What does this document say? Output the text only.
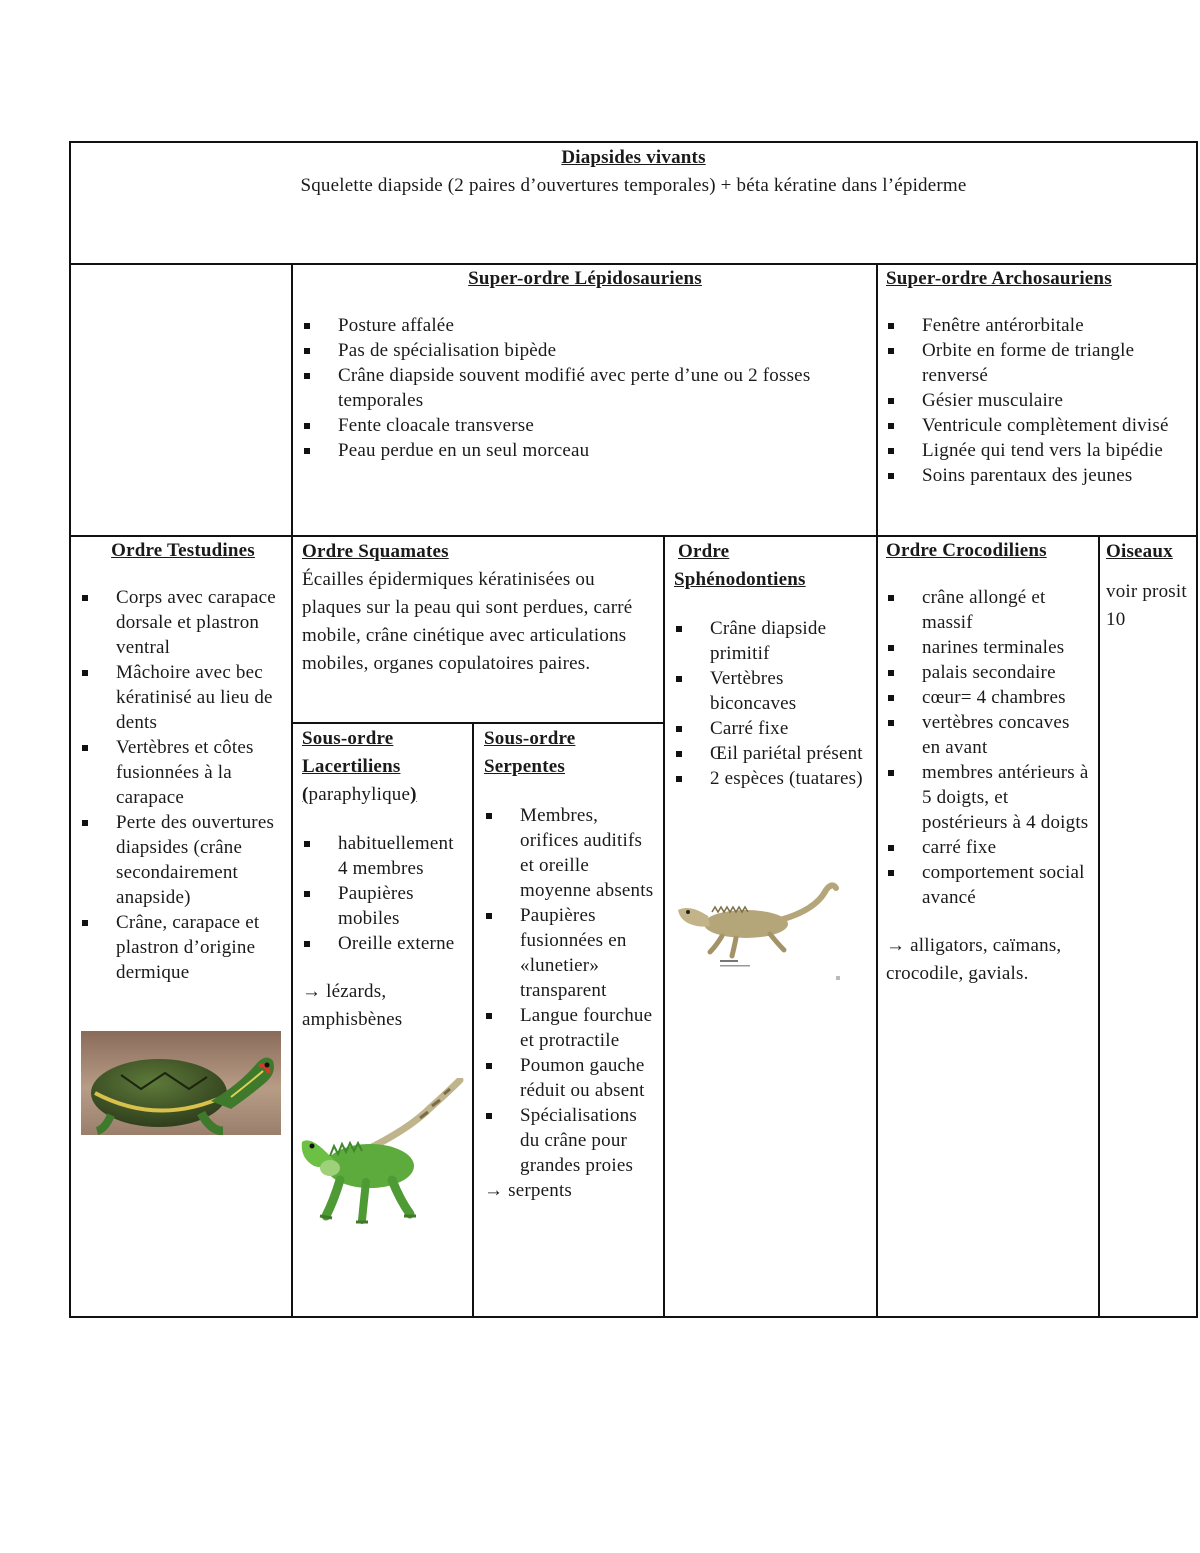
Diapsides vivants
Squelette diapside (2 paires d’ouvertures temporales) + béta kératine dans l’épiderme
Super-ordre Lépidosauriens
Posture affalée
Pas de spécialisation bipède
Crâne diapside souvent modifié avec perte d’une ou 2 fosses temporales
Fente cloacale transverse
Peau perdue en un seul morceau
Super-ordre Archosauriens
Fenêtre antérorbitale
Orbite en forme de triangle renversé
Gésier musculaire
Ventricule complètement divisé
Lignée qui tend vers la bipédie
Soins parentaux des jeunes
Ordre Testudines
Corps avec carapace dorsale et plastron ventral
Mâchoire avec bec kératinisé au lieu de dents
Vertèbres et côtes fusionnées à la carapace
Perte des ouvertures diapsides (crâne secondairement anapside)
Crâne, carapace et plastron d’origine dermique
Ordre Squamates
Écailles épidermiques kératinisées ou plaques sur la peau qui sont perdues, carré mobile, crâne cinétique avec articulations mobiles, organes copulatoires paires.
Sous-ordre
Lacertiliens
(paraphylique)
habituellement 4 membres
Paupières mobiles
Oreille externe
→ lézards, amphisbènes
Sous-ordre
Serpentes
Membres, orifices auditifs et oreille moyenne absents
Paupières fusionnées en «lunetier» transparent
Langue fourchue et protractile
Poumon gauche réduit ou absent
Spécialisations du crâne pour grandes proies
→ serpents
Ordre
Sphénodontiens
Crâne diapside primitif
Vertèbres biconcaves
Carré fixe
Œil pariétal présent
2 espèces (tuatares)
Ordre Crocodiliens
crâne allongé et massif
narines terminales
palais secondaire
cœur= 4 chambres
vertèbres concaves en avant
membres antérieurs à 5 doigts, et postérieurs à 4 doigts
carré fixe
comportement social avancé
→ alligators, caïmans, crocodile, gavials.
Oiseaux
voir prosit 10
